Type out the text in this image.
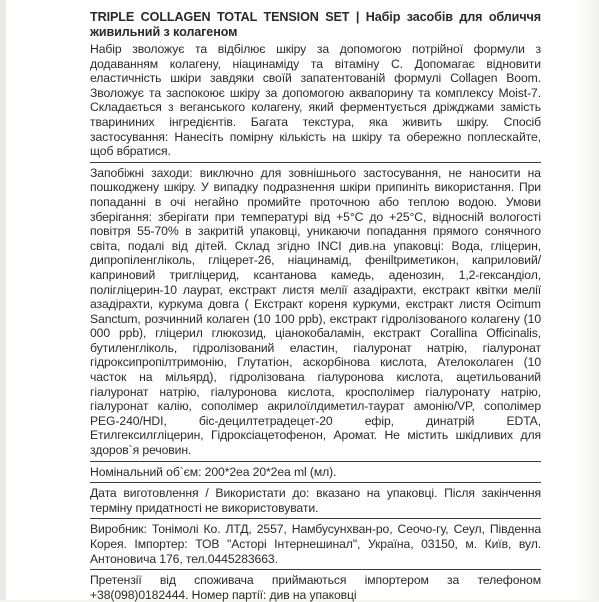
TRIPLE COLLAGEN TOTAL TENSION SET | Набір засобів для обличчя живильний з колагеном

Набір зволожує та відбілює шкіру за допомогою потрійної формули з додаванням колагену, ніацинаміду та вітаміну С. Допомагає відновити еластичність шкіри завдяки своїй запатентованій формулі Collagen Boom. Зволожує та заспокоює шкіру за допомогою аквапорину та комплексу Moist-7. Складається з веганського колагену, який ферментується дріжджами замість тварининих інгредієнтів. Багата текстура, яка живить шкіру. Спосіб застосування: Нанесіть помірну кількість на шкіру та обережно поплескайте, щоб вбратися.

Запобіжні заходи: виключно для зовнішнього застосування, не наносити на пошкоджену шкіру. У випадку подразнення шкіри припиніть використання. При попаданні в очі негайно промийте проточною або теплою водою. Умови зберігання: зберігати при температурі від +5°С до +25°С, відносній вологості повітря 55-70% в закритій упаковці, уникаючи попадання прямого сонячного світа, подалі від дітей. Склад згідно INCI див.на упаковці: Вода, гліцерин, дипропіленгліколь, гліцерет-26, ніацинамід, феніltриметикон, каприловий/каприновий тригліцерид, ксантанова камедь, аденозин, 1,2-гександіол, полігліцерин-10 лаурат, екстракт листя мелії азадірахти, екстракт квітки мелії азадірахти, куркума довга ( Екстракт кореня куркуми, екстракт листя Ocimum Sanctum, розчинний колаген (10 100 ppb), екстракт гідролізованого колагену (10 000 ppb), гліцерил глюкозид, ціанокобаламін, екстракт Corallina Officinalis, бутиленгліколь, гідролізований еластин, гіалуронат натрію, гіалуронат гідроксипропілтримонію, Глутатіон, аскорбінова кислота, Ателоколаген (10 часток на мільярд), гідролізована гіалуронова кислота, ацетильований гіалуронат натрію, гіалуронова кислота, кросполімер гіалуронату натрію, гіалуронат калію, сополімер акрилоїлдиметил-таурат амонію/VP, сополімер PEG-240/HDI, біс-децилтетрадецет-20 ефір, динатрій EDTA, Етилгексилгліцерин, Гідроксіацетофенон, Аромат. Не містить шкідливих для здоров`я речовин.

Номінальний об`єм: 200*2еа 20*2еа ml (мл).

Дата виготовлення / Використати до: вказано на упаковці. Після закінчення терміну придатності не використовувати.

Виробник: Тонімолі Ко. ЛТД, 2557, Намбусунхван-ро, Сеочо-гу, Сеул, Південна Корея. Імпортер: ТОВ "Асторі Інтернешинал", Україна, 03150, м. Київ, вул. Антоновича 176, тел.0445283663.

Претензії від споживача приймаються імпортером за телефоном +38(098)0182444. Номер партії: див на упаковці
